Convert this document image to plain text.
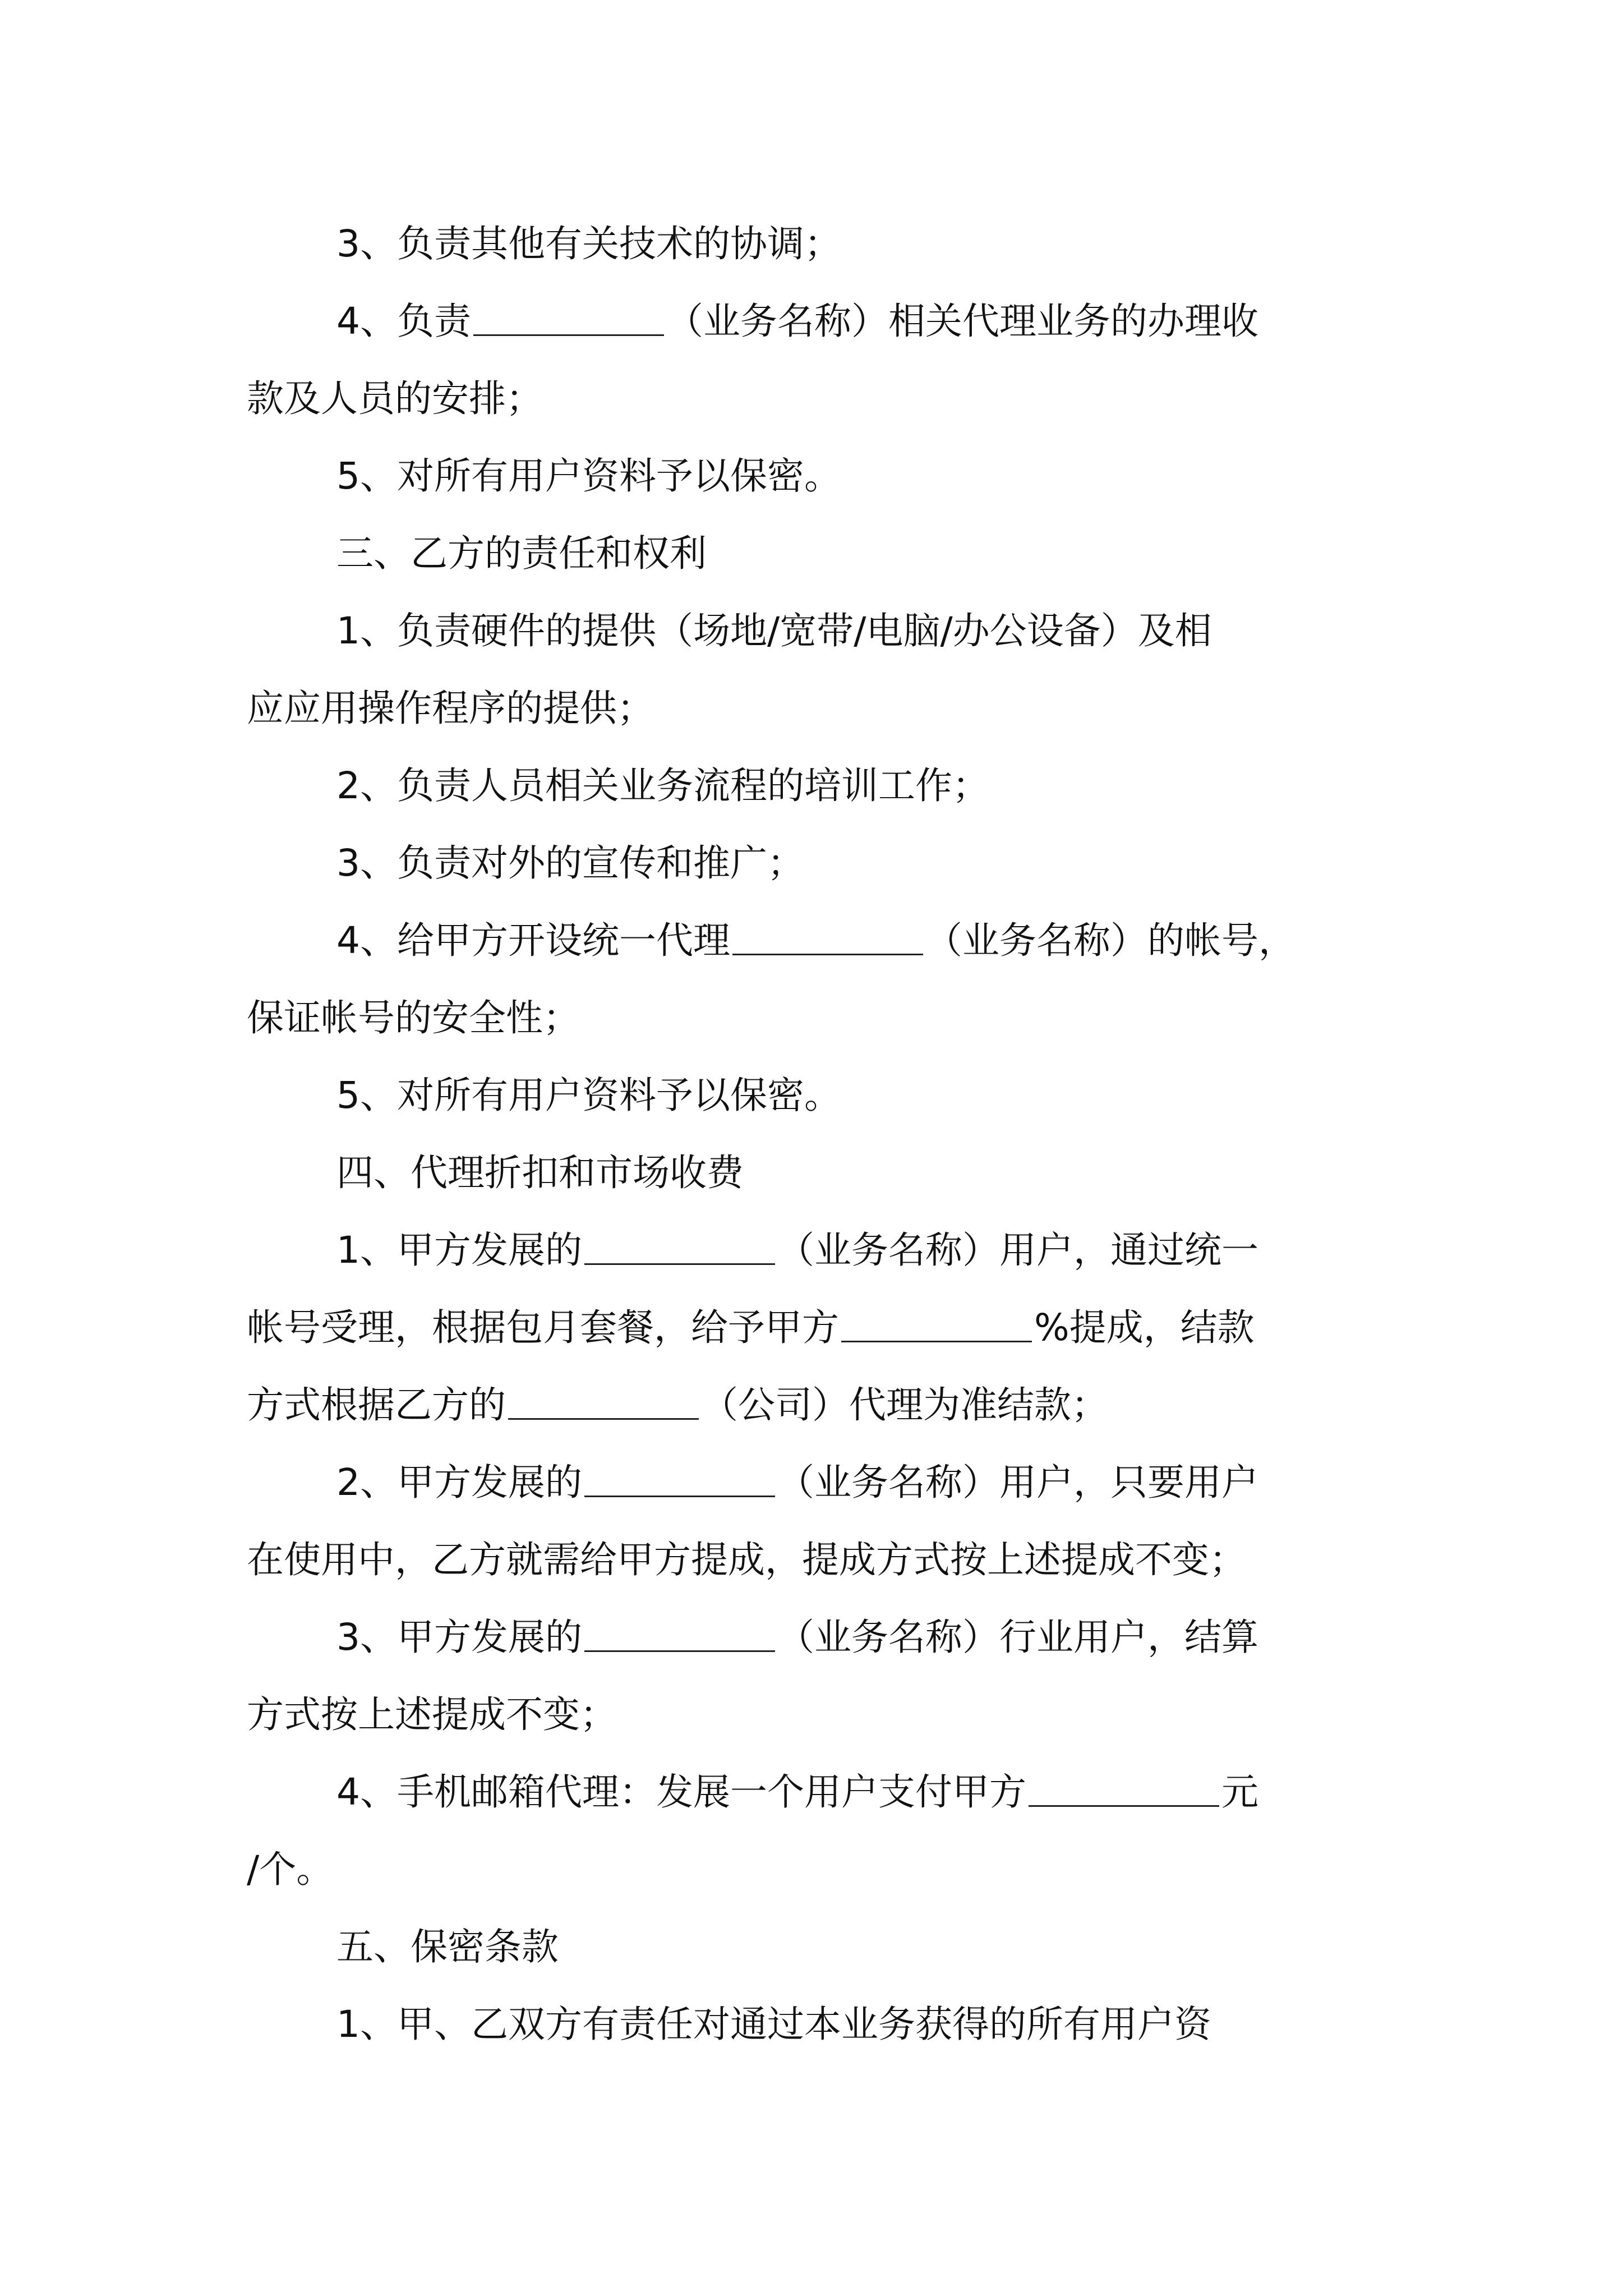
3、负责其他有关技术的协调；
4、负责	（业务名称）相关代理业务的办理收
款及人员的安排；
5、对所有用户资料予以保密。
三、乙方的责任和权利
1、负责硬件的提供（场地/宽带/电脑/办公设备）及相
应应用操作程序的提供；
2、负责人员相关业务流程的培训工作；
3、负责对外的宣传和推广；
4、给甲方开设统一代理	（业务名称）的帐号，
保证帐号的安全性；
5、对所有用户资料予以保密。
四、代理折扣和市场收费
1、甲方发展的	（业务名称）用户，通过统一
帐号受理，根据包月套餐，给予甲方	%提成，结款
方式根据乙方的	（公司）代理为准结款；
2、甲方发展的	（业务名称）用户，只要用户
在使用中，乙方就需给甲方提成，提成方式按上述提成不变；
3、甲方发展的	（业务名称）行业用户，结算
方式按上述提成不变；
4、手机邮箱代理：发展一个用户支付甲方	元
/个。
五、保密条款
1、甲、乙双方有责任对通过本业务获得的所有用户资
